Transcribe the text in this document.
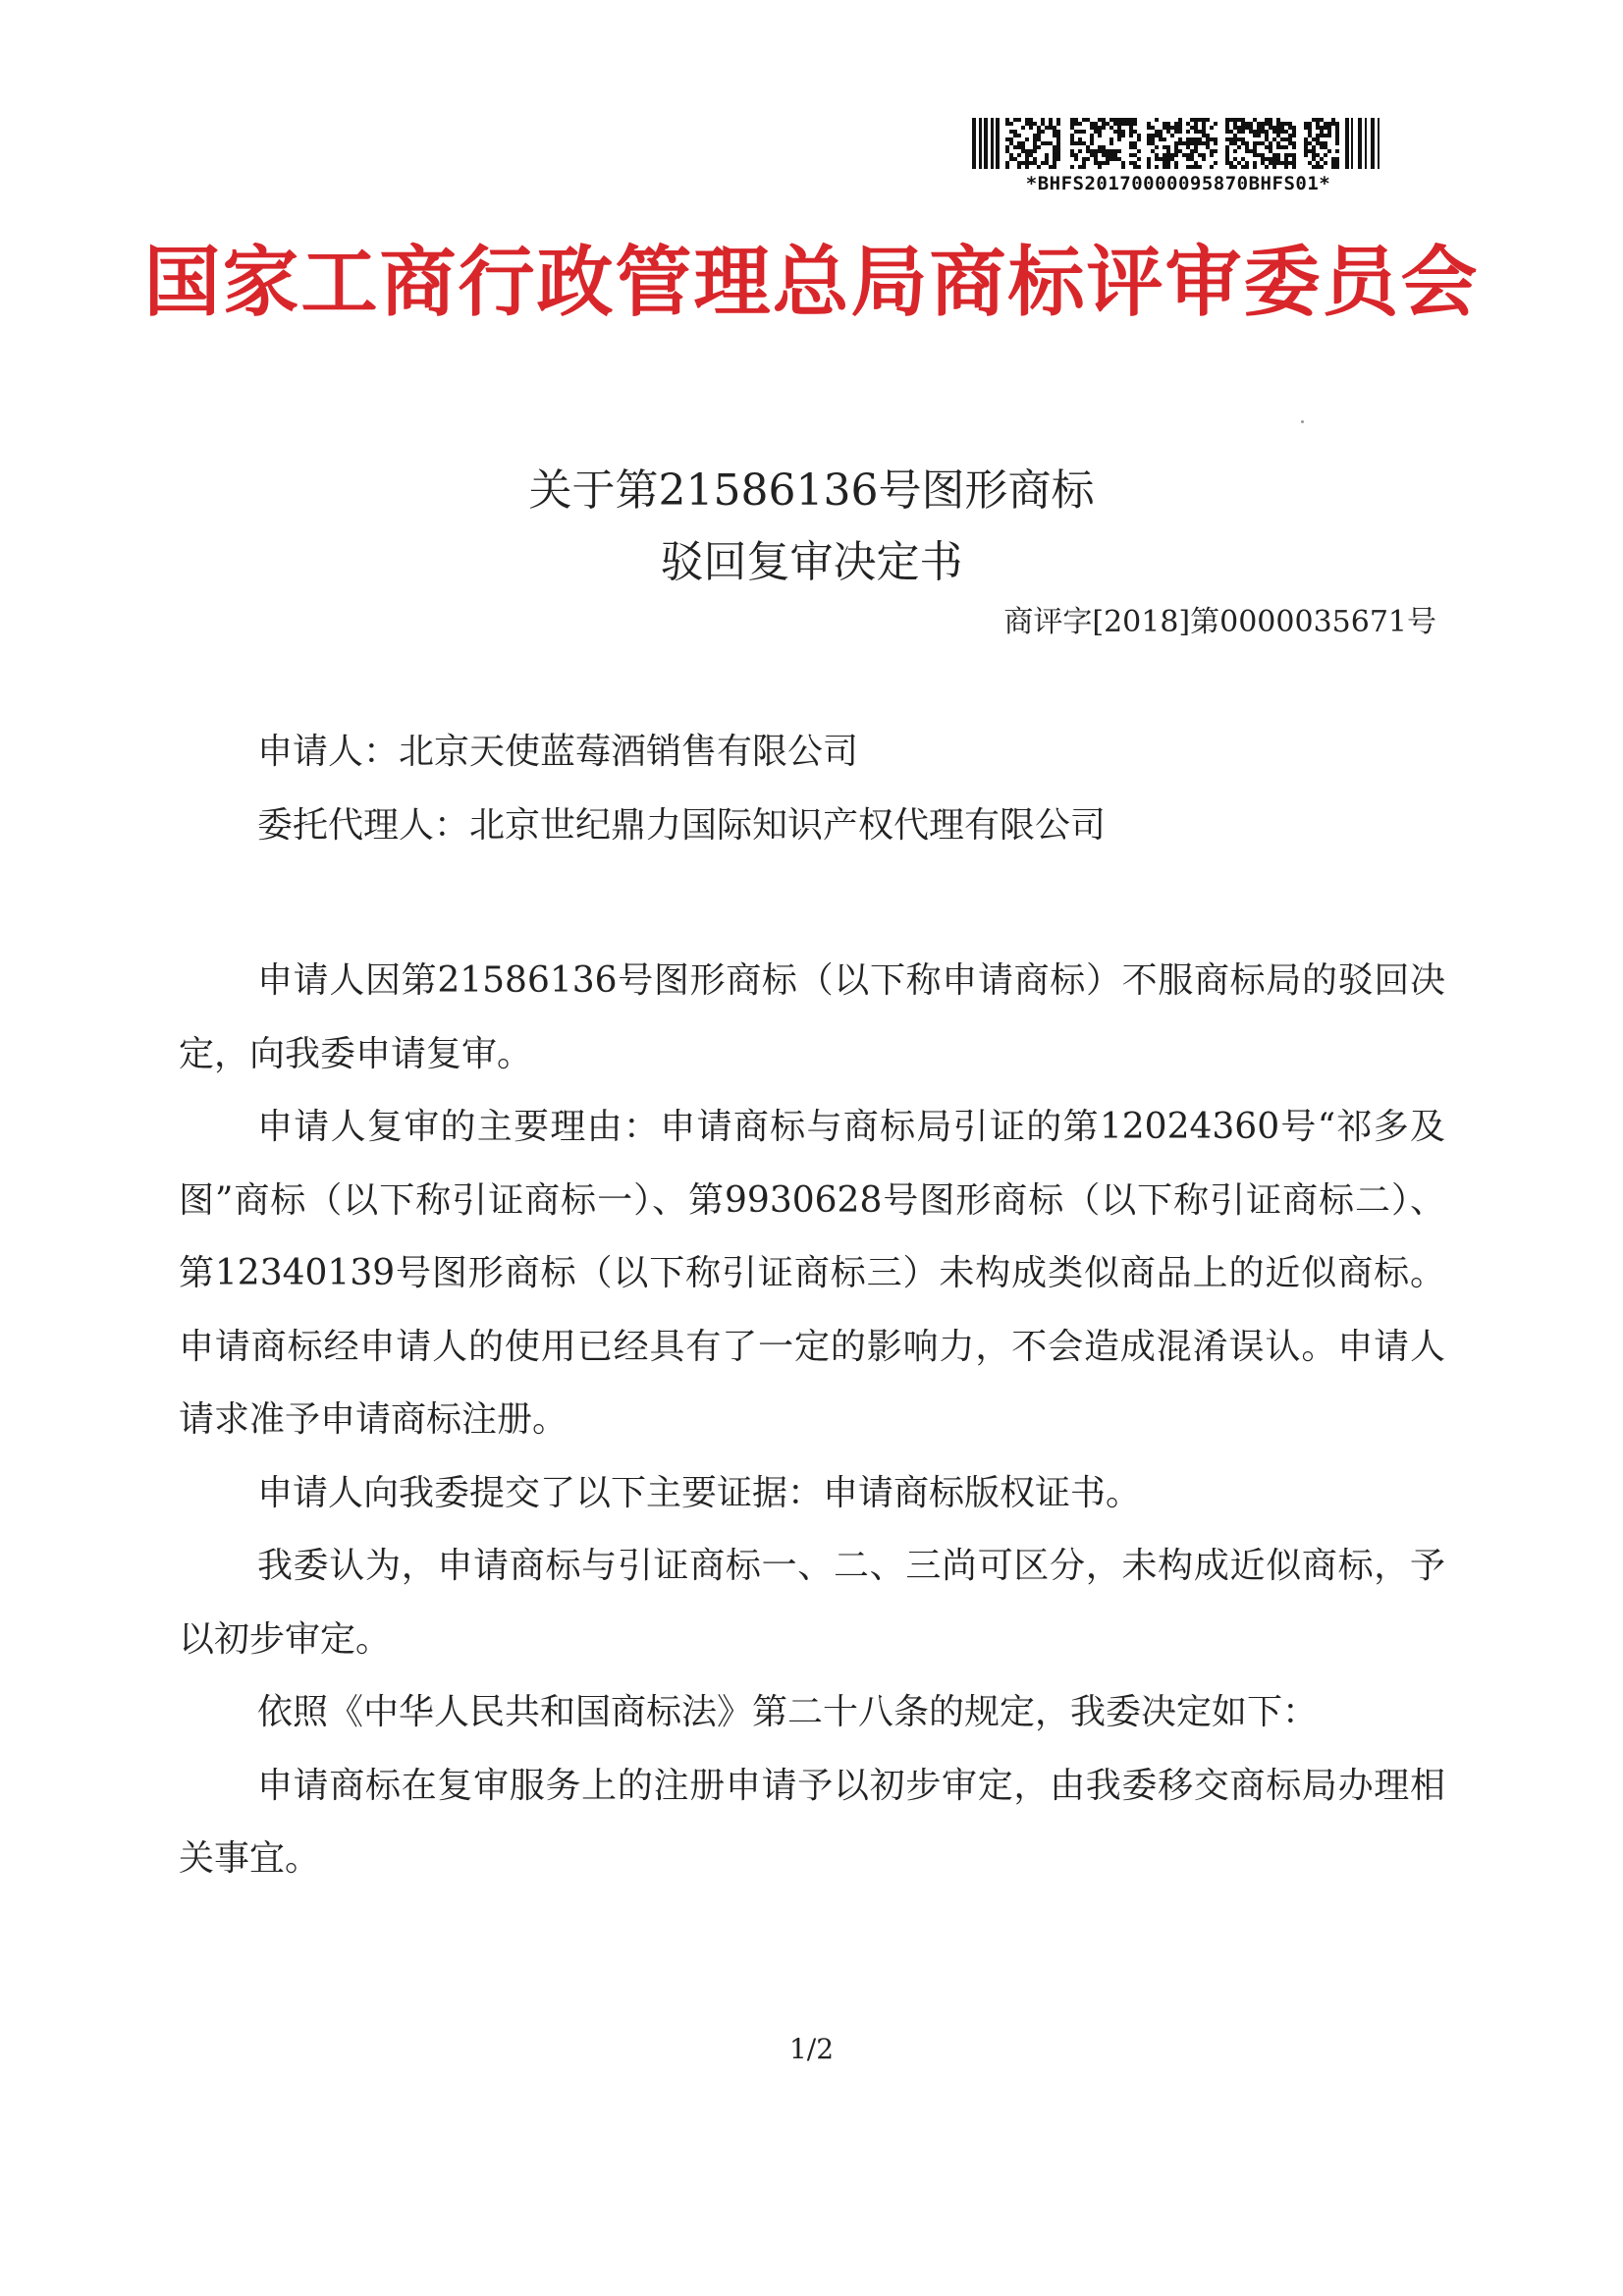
*BHFS20170000095870BHFS01*
国家工商行政管理总局商标评审委员会
关于第21586136号图形商标
驳回复审决定书
商评字[2018]第0000035671号
申请人：北京天使蓝莓酒销售有限公司
委托代理人：北京世纪鼎力国际知识产权代理有限公司

申请人因第21586136号图形商标（以下称申请商标）不服商标局的驳回决定，向我委申请复审。

申请人复审的主要理由：申请商标与商标局引证的第12024360号“祁多及图”商标（以下称引证商标一）、第9930628号图形商标（以下称引证商标二）、第12340139号图形商标（以下称引证商标三）未构成类似商品上的近似商标。申请商标经申请人的使用已经具有了一定的影响力，不会造成混淆误认。申请人请求准予申请商标注册。

申请人向我委提交了以下主要证据：申请商标版权证书。

我委认为，申请商标与引证商标一、二、三尚可区分，未构成近似商标，予以初步审定。

依照《中华人民共和国商标法》第二十八条的规定，我委决定如下：

申请商标在复审服务上的注册申请予以初步审定，由我委移交商标局办理相关事宜。

1/2
